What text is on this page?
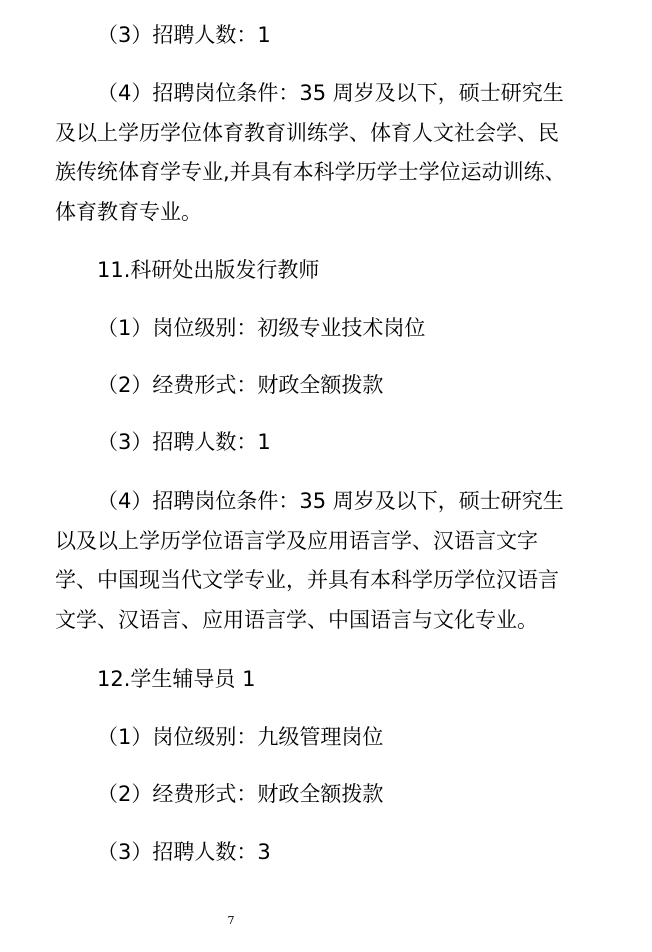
（3）招聘人数：1

（4）招聘岗位条件：35 周岁及以下，硕士研究生及以上学历学位体育教育训练学、体育人文社会学、民族传统体育学专业,并具有本科学历学士学位运动训练、体育教育专业。

11.科研处出版发行教师

（1）岗位级别：初级专业技术岗位

（2）经费形式：财政全额拨款

（3）招聘人数：1

（4）招聘岗位条件：35 周岁及以下，硕士研究生以及以上学历学位语言学及应用语言学、汉语言文字学、中国现当代文学专业，并具有本科学历学位汉语言文学、汉语言、应用语言学、中国语言与文化专业。

12.学生辅导员 1

（1）岗位级别：九级管理岗位

（2）经费形式：财政全额拨款

（3）招聘人数：3

7
